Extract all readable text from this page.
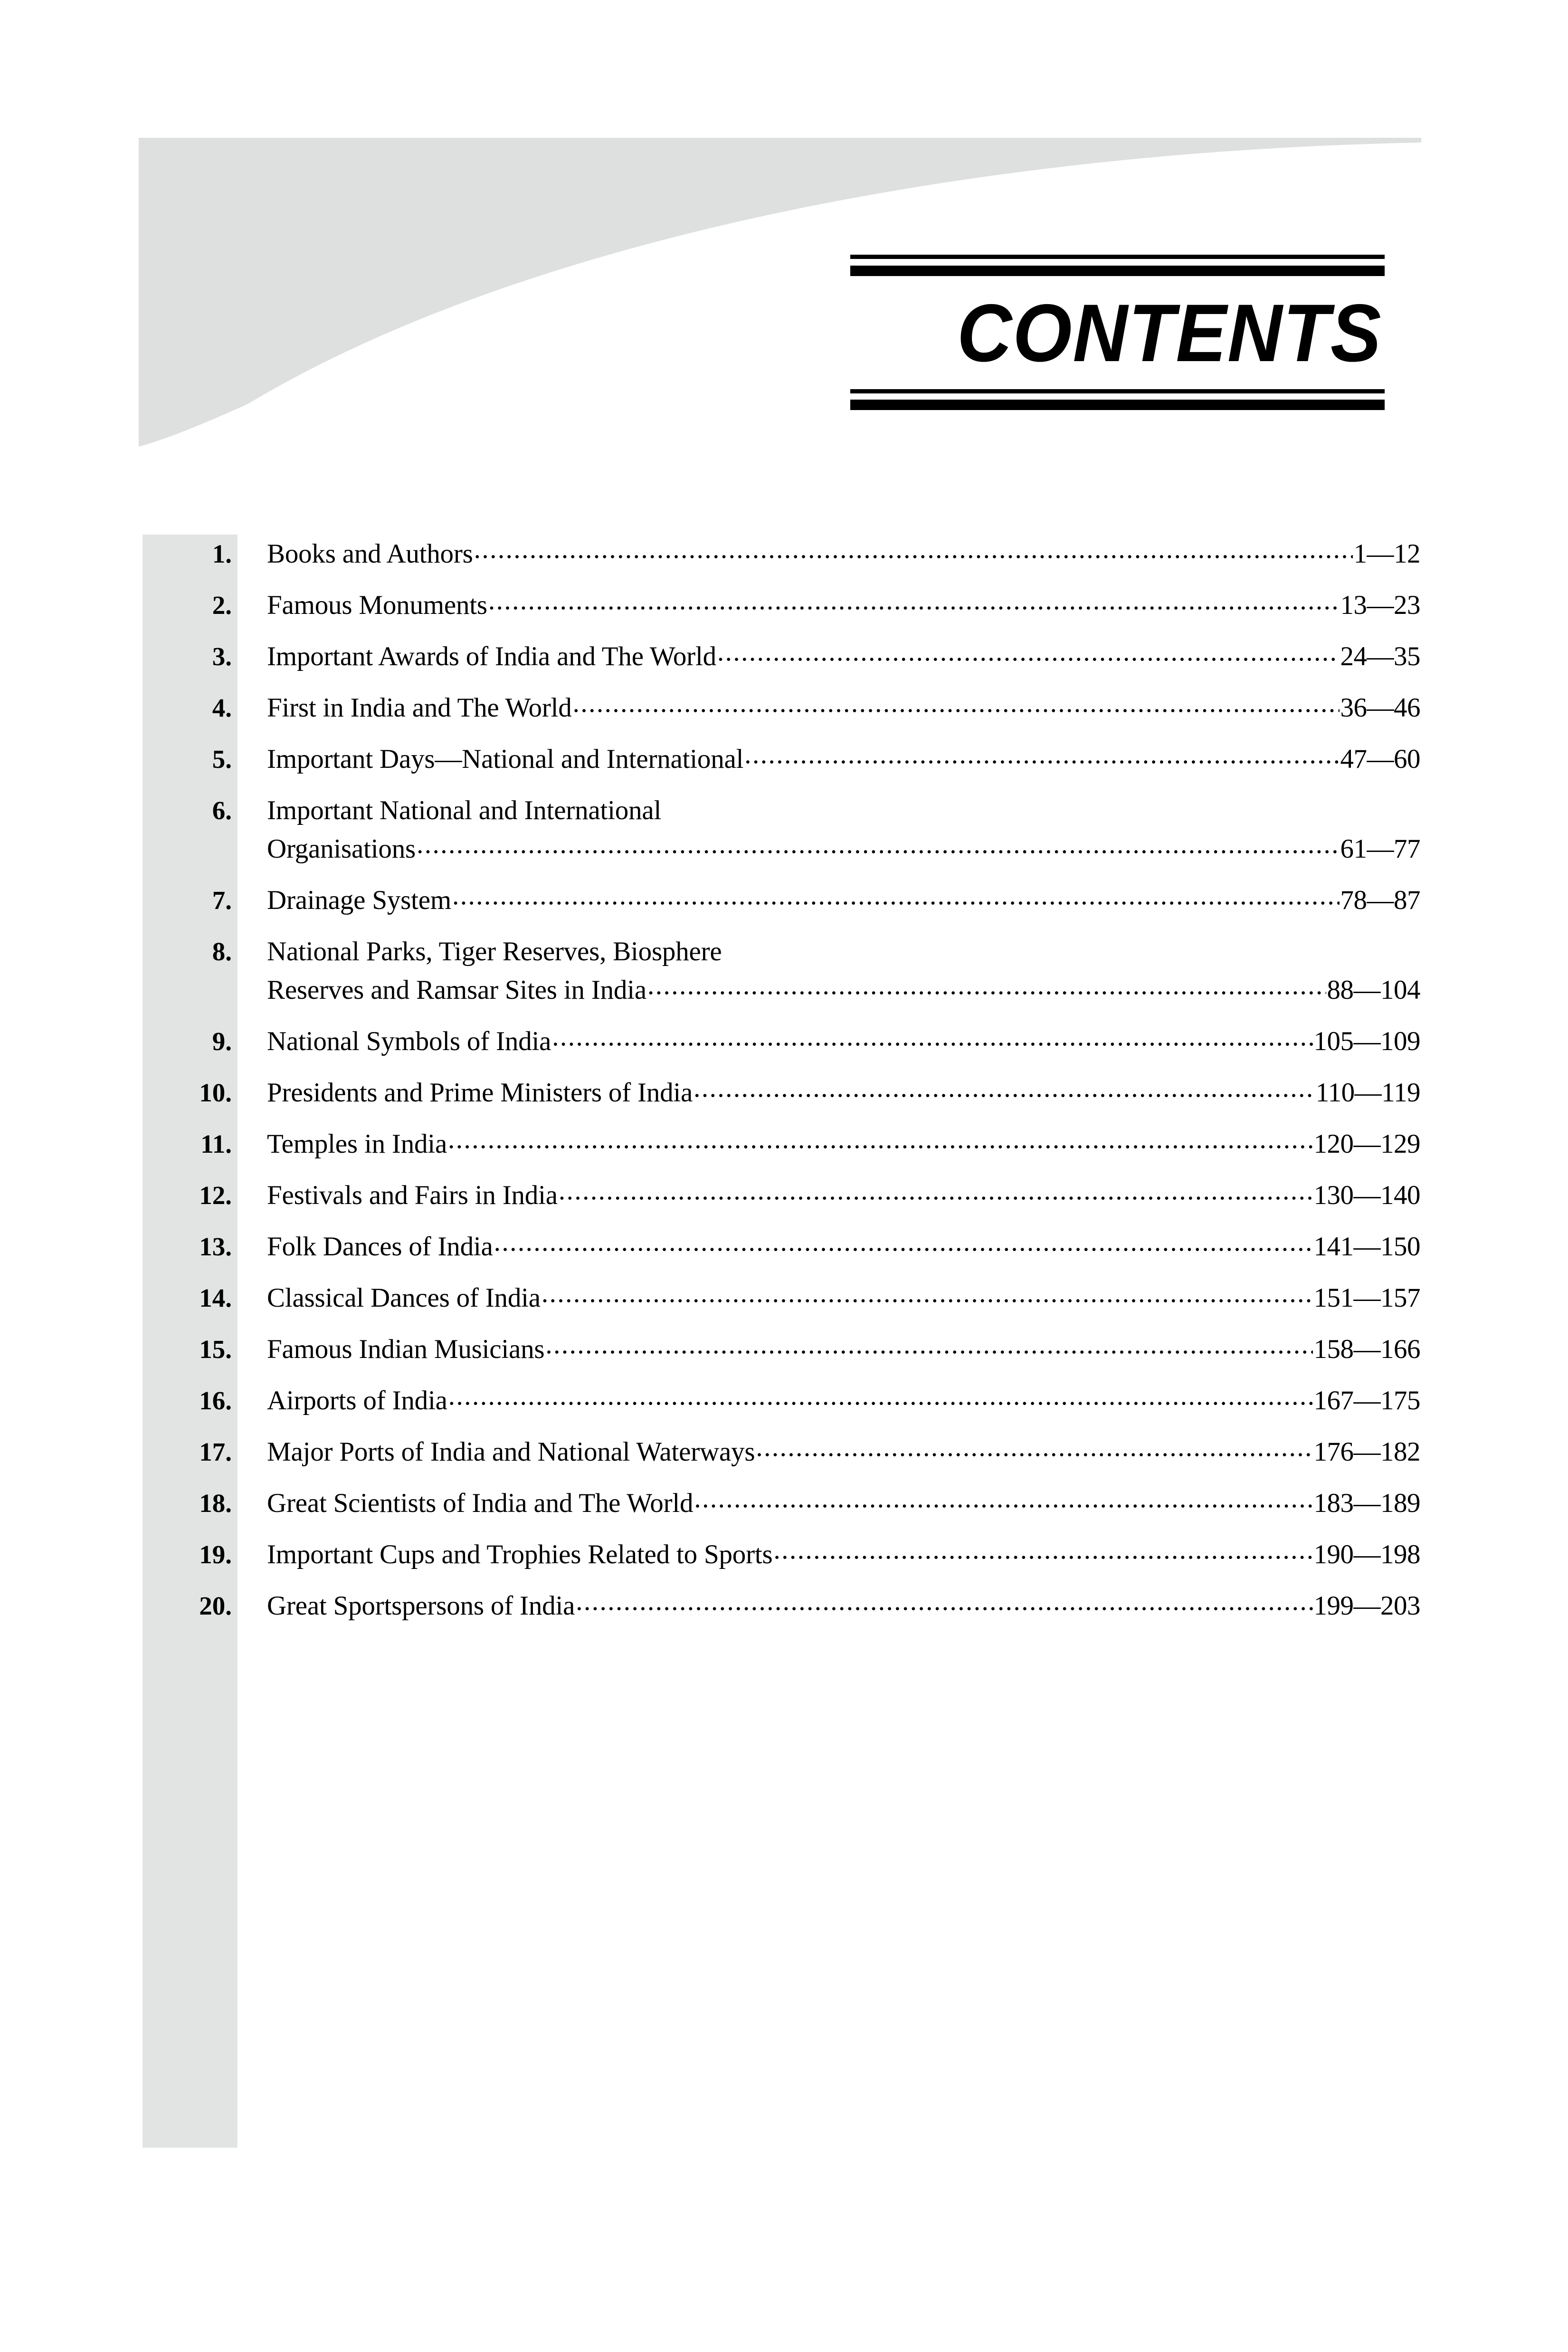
CONTENTS
1. Books and Authors .....	1—12
2. Famous Monuments .....	13—23
3. Important Awards of India and The World .....	24—35
4. First in India and The World .....	36—46
5. Important Days—National and International .....	47—60
6. Important National and International
Organisations .....	61—77
7. Drainage System .....	78—87
8. National Parks, Tiger Reserves, Biosphere
Reserves and Ramsar Sites in India .....	88—104
9. National Symbols of India .....	105—109
10. Presidents and Prime Ministers of India .....	110—119
11. Temples in India .....	120—129
12. Festivals and Fairs in India .....	130—140
13. Folk Dances of India .....	141—150
14. Classical Dances of India .....	151—157
15. Famous Indian Musicians .....	158—166
16. Airports of India .....	167—175
17. Major Ports of India and National Waterways .....	176—182
18. Great Scientists of India and The World .....	183—189
19. Important Cups and Trophies Related to Sports .....	190—198
20. Great Sportspersons of India .....	199—203
